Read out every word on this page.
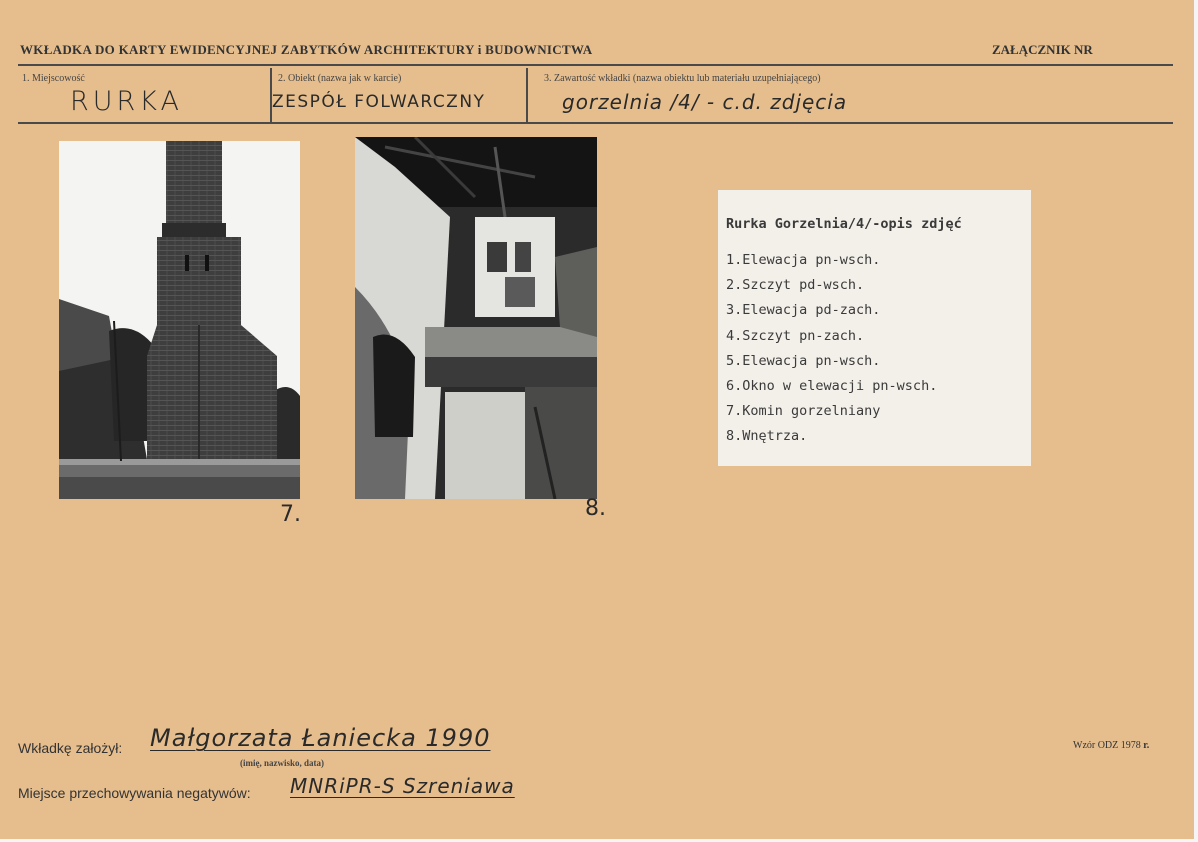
WKŁADKA DO KARTY EWIDENCYJNEJ ZABYTKÓW ARCHITEKTURY i BUDOWNICTWA	ZAŁĄCZNIK NR
1. Miejscowość	2. Obiekt (nazwa jak w karcie)	3. Zawartość wkładki (nazwa obiektu lub materiału uzupełniającego)
RURKA	ZESPÓŁ FOLWARCZNY	gorzelnia /4/ - c.d. zdjęcia
7.	8.
Rurka Gorzelnia/4/-opis zdjęć
1.Elewacja pn-wsch.
2.Szczyt pd-wsch.
3.Elewacja pd-zach.
4.Szczyt pn-zach.
5.Elewacja pn-wsch.
6.Okno w elewacji pn-wsch.
7.Komin gorzelniany
8.Wnętrza.
Wkładkę założył: Małgorzata Łaniecka 1990
(imię, nazwisko, data)
Miejsce przechowywania negatywów: MNRiPR-S Szreniawa
Wzór ODZ 1978 r.
